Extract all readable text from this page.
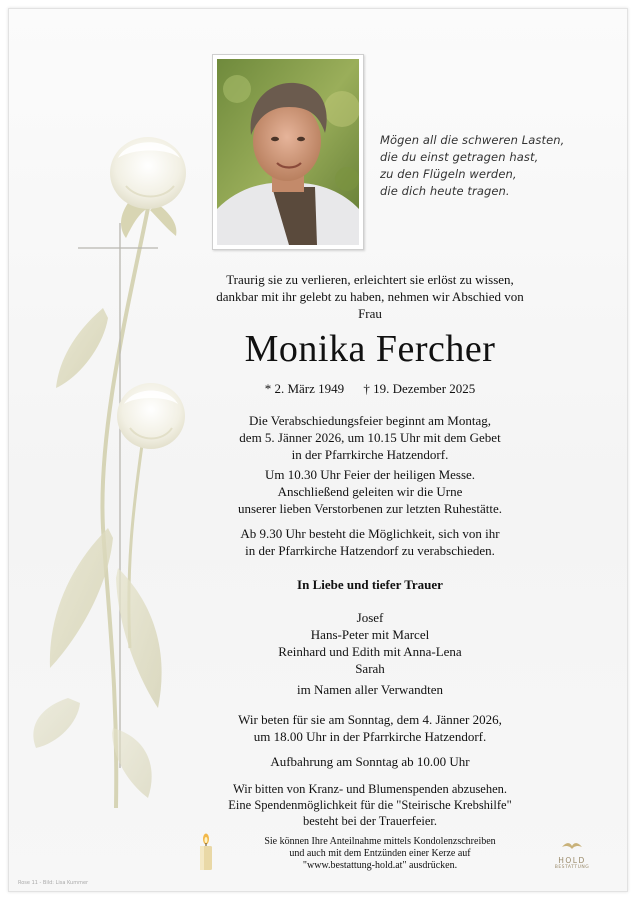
Mögen all die schweren Lasten,
die du einst getragen hast,
zu den Flügeln werden,
die dich heute tragen.
Traurig sie zu verlieren, erleichtert sie erlöst zu wissen,
dankbar mit ihr gelebt zu haben, nehmen wir Abschied von
Frau
Monika Fercher
* 2. März 1949 † 19. Dezember 2025
Die Verabschiedungsfeier beginnt am Montag,
dem 5. Jänner 2026, um 10.15 Uhr mit dem Gebet
in der Pfarrkirche Hatzendorf.
Um 10.30 Uhr Feier der heiligen Messe.
Anschließend geleiten wir die Urne
unserer lieben Verstorbenen zur letzten Ruhestätte.
Ab 9.30 Uhr besteht die Möglichkeit, sich von ihr
in der Pfarrkirche Hatzendorf zu verabschieden.
In Liebe und tiefer Trauer
Josef
Hans-Peter mit Marcel
Reinhard und Edith mit Anna-Lena
Sarah
im Namen aller Verwandten
Wir beten für sie am Sonntag, dem 4. Jänner 2026,
um 18.00 Uhr in der Pfarrkirche Hatzendorf.
Aufbahrung am Sonntag ab 10.00 Uhr
Wir bitten von Kranz- und Blumenspenden abzusehen.
Eine Spendenmöglichkeit für die "Steirische Krebshilfe"
besteht bei der Trauerfeier.
Sie können Ihre Anteilnahme mittels Kondolenzschreiben
und auch mit dem Entzünden einer Kerze auf
"www.bestattung-hold.at" ausdrücken.	HOLD
BESTATTUNG
Rose 11 - Bild: Lisa Kummer
